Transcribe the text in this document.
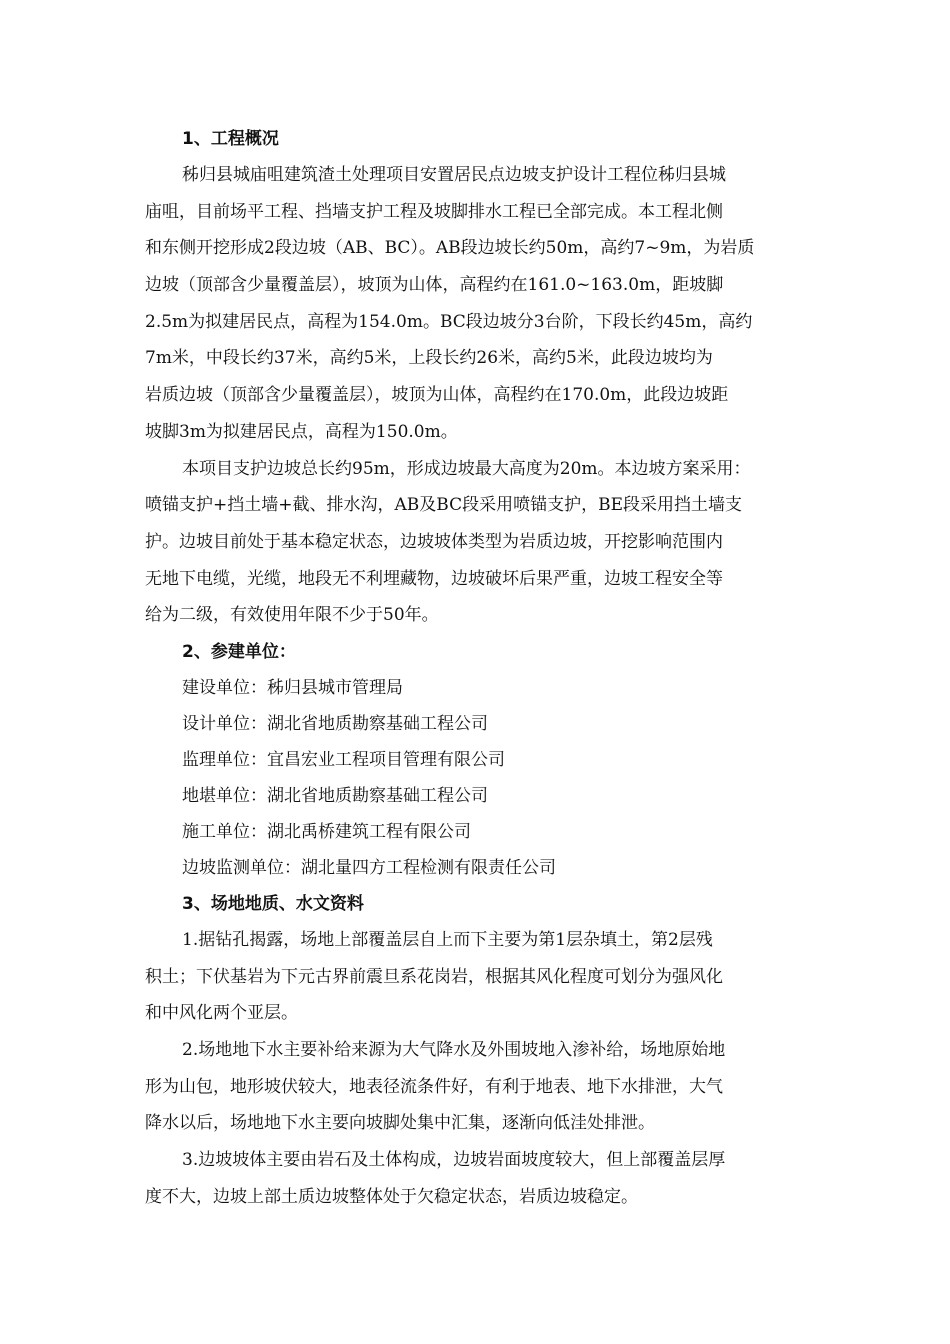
1、工程概况

秭归县城庙咀建筑渣土处理项目安置居民点边坡支护设计工程位秭归县城
庙咀，目前场平工程、挡墙支护工程及坡脚排水工程已全部完成。本工程北侧
和东侧开挖形成2段边坡（AB、BC）。AB段边坡长约50m，高约7~9m，为岩质
边坡（顶部含少量覆盖层），坡顶为山体，高程约在161.0~163.0m，距坡脚
2.5m为拟建居民点，高程为154.0m。BC段边坡分3台阶，下段长约45m，高约
7m米，中段长约37米，高约5米，上段长约26米，高约5米，此段边坡均为
岩质边坡（顶部含少量覆盖层），坡顶为山体，高程约在170.0m，此段边坡距
坡脚3m为拟建居民点，高程为150.0m。

本项目支护边坡总长约95m，形成边坡最大高度为20m。本边坡方案采用：
喷锚支护+挡土墙+截、排水沟，AB及BC段采用喷锚支护，BE段采用挡土墙支
护。边坡目前处于基本稳定状态，边坡坡体类型为岩质边坡，开挖影响范围内
无地下电缆，光缆，地段无不利埋藏物，边坡破坏后果严重，边坡工程安全等
给为二级，有效使用年限不少于50年。

2、参建单位：
建设单位：秭归县城市管理局
设计单位：湖北省地质勘察基础工程公司
监理单位：宜昌宏业工程项目管理有限公司
地堪单位：湖北省地质勘察基础工程公司
施工单位：湖北禹桥建筑工程有限公司
边坡监测单位：湖北量四方工程检测有限责任公司
3、场地地质、水文资料

1.据钻孔揭露，场地上部覆盖层自上而下主要为第1层杂填土，第2层残
积土；下伏基岩为下元古界前震旦系花岗岩，根据其风化程度可划分为强风化
和中风化两个亚层。

2.场地地下水主要补给来源为大气降水及外围坡地入渗补给，场地原始地
形为山包，地形坡伏较大，地表径流条件好，有利于地表、地下水排泄，大气
降水以后，场地地下水主要向坡脚处集中汇集，逐渐向低洼处排泄。

3.边坡坡体主要由岩石及土体构成，边坡岩面坡度较大，但上部覆盖层厚
度不大，边坡上部土质边坡整体处于欠稳定状态，岩质边坡稳定。
